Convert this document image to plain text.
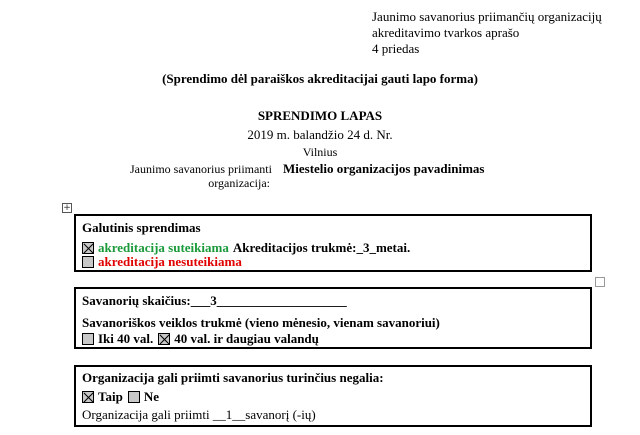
Jaunimo savanorius priimančių organizacijų
akreditavimo tvarkos aprašo
4 priedas
(Sprendimo dėl paraiškos akreditacijai gauti lapo forma)
SPRENDIMO LAPAS
2019 m. balandžio 24 d. Nr.
Vilnius
Jaunimo savanorius priimanti
organizacija:
Miestelio organizacijos pavadinimas
+
Galutinis sprendimas
akreditacija suteikiama Akreditacijos trukmė:_3_metai.
akreditacija nesuteikiama
Savanorių skaičius:___3____________________
Savanoriškos veiklos trukmė (vieno mėnesio, vienam savanoriui)
Iki 40 val. 40 val. ir daugiau valandų
Organizacija gali priimti savanorius turinčius negalia:
Taip Ne
Organizacija gali priimti __1__savanorį (-ių)
